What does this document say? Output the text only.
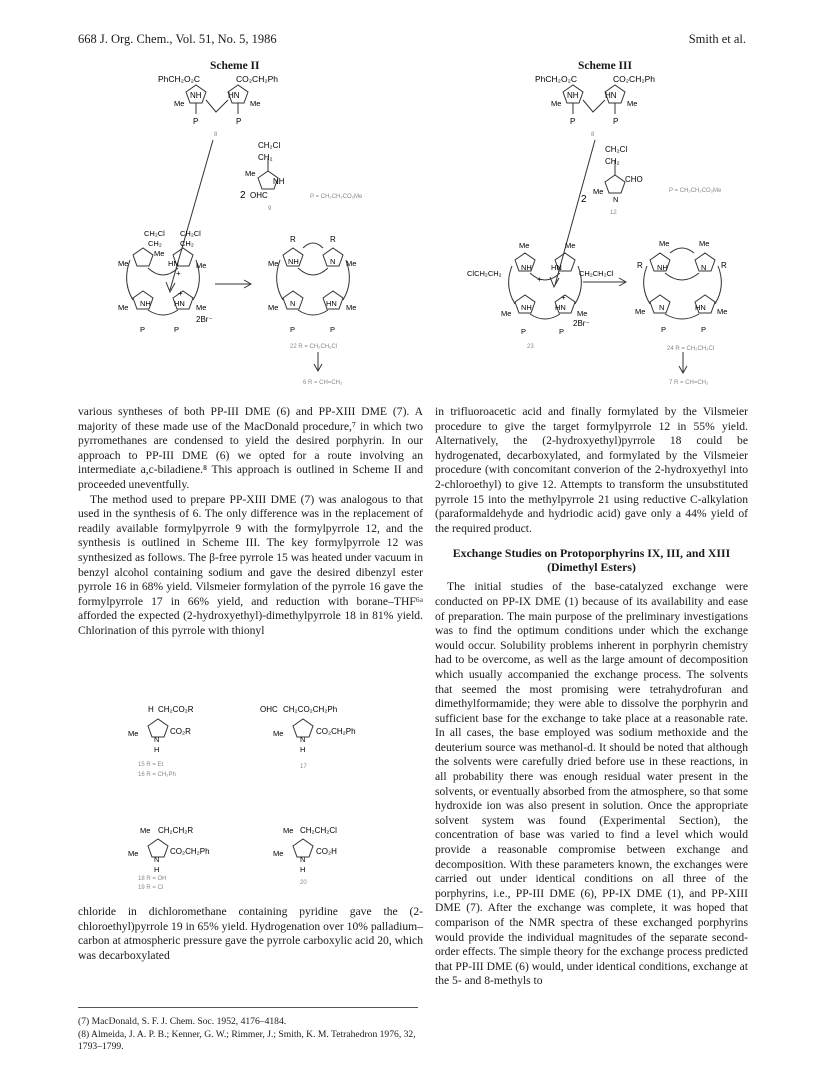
668 J. Org. Chem., Vol. 51, No. 5, 1986	Smith et al.
Scheme II
PhCH₂O₂C	CO₂CH₂Ph
NH	HN
Me	Me
P	P
8
CH₂Cl
CH₂
Me
NH
2 OHC
9
P = CH₂CH₂CO₂Me
CH₂Cl CH₂Cl
CH₂ CH₂
Me
Me
Me
Me	Me
HN
NH	HN
+
+
P	P
2Br⁻
R	R
Me	Me
Me	Me
NH	N
N	HN
P	P
22 R = CH₂CH₂Cl
6 R = CH=CH₂
Scheme III
PhCH₂O₂C	CO₂CH₂Ph
NH	HN
Me	Me
P	P
8
CH₂Cl
CH₂
CHO
Me
N
2
12
P = CH₂CH₂CO₂Me
ClCH₂CH₂	CH₂CH₂Cl
Me	Me
Me	Me
NH	HN
NH	HN
+
+
P	P
2Br⁻
23
Me	Me
R	R
Me	Me
NH	N
N	HN
P	P
24 R = CH₂CH₂Cl
7 R = CH=CH₂

various syntheses of both PP-III DME (6) and PP-XIII DME (7). A majority of these made use of the MacDonald procedure,⁷ in which two pyrromethanes are condensed to yield the desired porphyrin. In our approach to PP-III DME (6) we opted for a route involving an intermediate a,c-biladiene.⁸ This approach is outlined in Scheme II and proceeded uneventfully.

The method used to prepare PP-XIII DME (7) was analogous to that used in the synthesis of 6. The only difference was in the replacement of readily available formylpyrrole 9 with the formylpyrrole 12, and the synthesis is outlined in Scheme III. The key formylpyrrole 12 was synthesized as follows. The β-free pyrrole 15 was heated under vacuum in benzyl alcohol containing sodium and gave the desired dibenzyl ester pyrrole 16 in 68% yield. Vilsmeier formylation of the pyrrole 16 gave the formylpyrrole 17 in 66% yield, and reduction with borane–THF⁶ᵃ afforded the expected (2-hydroxyethyl)-dimethylpyrrole 18 in 81% yield. Chlorination of this pyrrole with thionyl

H CH₂CO₂R
Me	CO₂R
N
H
15 R = Et
16 R = CH₂Ph
OHC CH₂CO₂CH₂Ph
Me	CO₂CH₂Ph
N
H
17
Me CH₂CH₂R
Me	CO₂CH₂Ph
N
H
18 R = OH
19 R = Cl
Me CH₂CH₂Cl
Me	CO₂H
N
H
20

chloride in dichloromethane containing pyridine gave the (2-chloroethyl)pyrrole 19 in 65% yield. Hydrogenation over 10% palladium–carbon at atmospheric pressure gave the pyrrole carboxylic acid 20, which was decarboxylated

in trifluoroacetic acid and finally formylated by the Vilsmeier procedure to give the target formylpyrrole 12 in 55% yield. Alternatively, the (2-hydroxyethyl)pyrrole 18 could be hydrogenated, decarboxylated, and formylated by the Vilsmeier procedure (with concomitant converion of the 2-hydroxyethyl into 2-chloroethyl) to give 12. Attempts to transform the unsubstituted pyrrole 15 into the methylpyrrole 21 using reductive C-alkylation (paraformaldehyde and hydriodic acid) gave only a 44% yield of the required product.

Exchange Studies on Protoporphyrins IX, III, and XIII (Dimethyl Esters)

The initial studies of the base-catalyzed exchange were conducted on PP-IX DME (1) because of its availability and ease of preparation. The main purpose of the preliminary investigations was to find the optimum conditions under which the exchange would occur. Solubility problems inherent in porphyrin chemistry had to be overcome, as well as the large amount of decomposition which usually accompanied the exchange process. The solvents that seemed the most promising were tetrahydrofuran and dimethylformamide; they were able to dissolve the porphyrin and sufficient base for the exchange to take place at a reasonable rate. In all cases, the base employed was sodium methoxide and the deuterium source was methanol-d. It should be noted that although the solvents were carefully dried before use in these reactions, in all probability there was enough residual water present in the solvents, or eventually absorbed from the atmosphere, so that some hydroxide ion was also present in solution. Once the appropriate solvent system was found (Experimental Section), the concentration of base was varied to find a level which would provide a reasonable compromise between exchange and decomposition. With these parameters known, the exchanges were carried out under identical conditions on all three of the porphyrins, i.e., PP-III DME (6), PP-IX DME (1), and PP-XIII DME (7). After the exchange was complete, it was hoped that comparison of the NMR spectra of these exchanged porphyrins would provide the individual magnitudes of the separate second-order effects. The simple theory for the exchange process predicted that PP-III DME (6) would, under identical conditions, exchange at the 5- and 8-methyls to

(7) MacDonald, S. F. J. Chem. Soc. 1952, 4176–4184.
(8) Almeida, J. A. P. B.; Kenner, G. W.; Rimmer, J.; Smith, K. M. Tetrahedron 1976, 32, 1793–1799.
